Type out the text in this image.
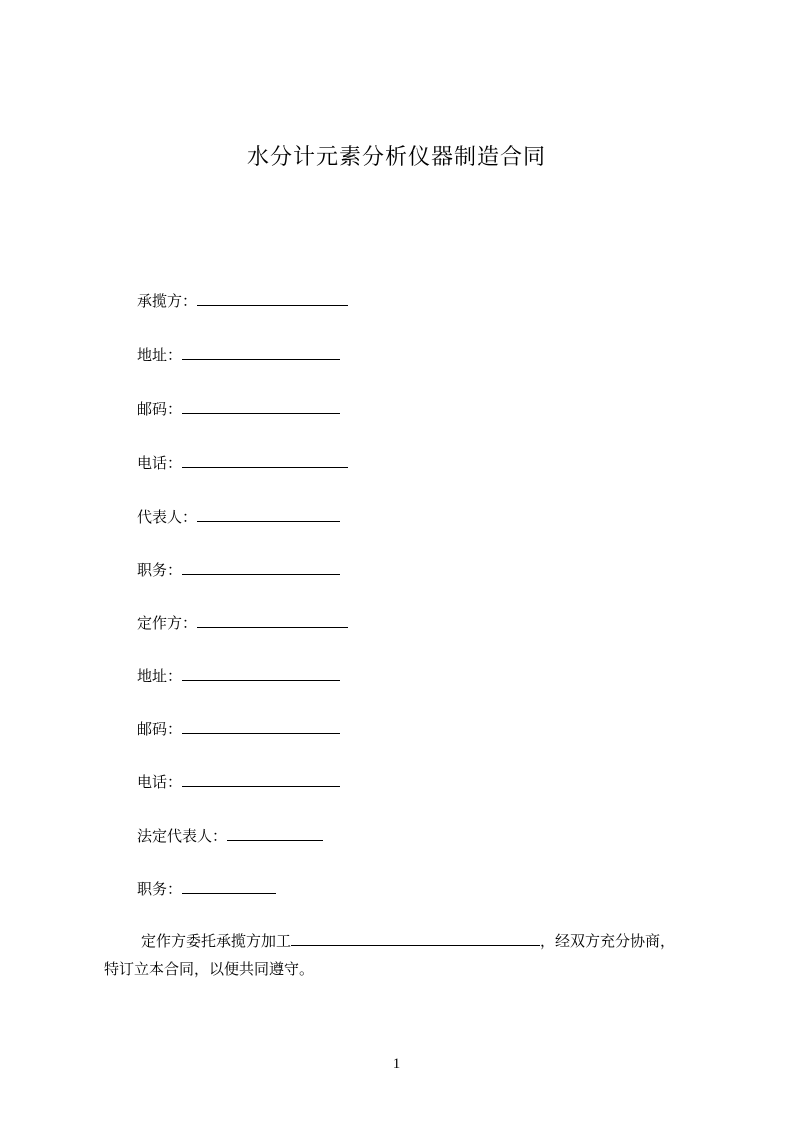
水分计元素分析仪器制造合同
承揽方：
地址：
邮码：
电话：
代表人：
职务：
定作方：
地址：
邮码：
电话：
法定代表人：
职务：
定作方委托承揽方加工	，经双方充分协商，
特订立本合同，以便共同遵守。
1
